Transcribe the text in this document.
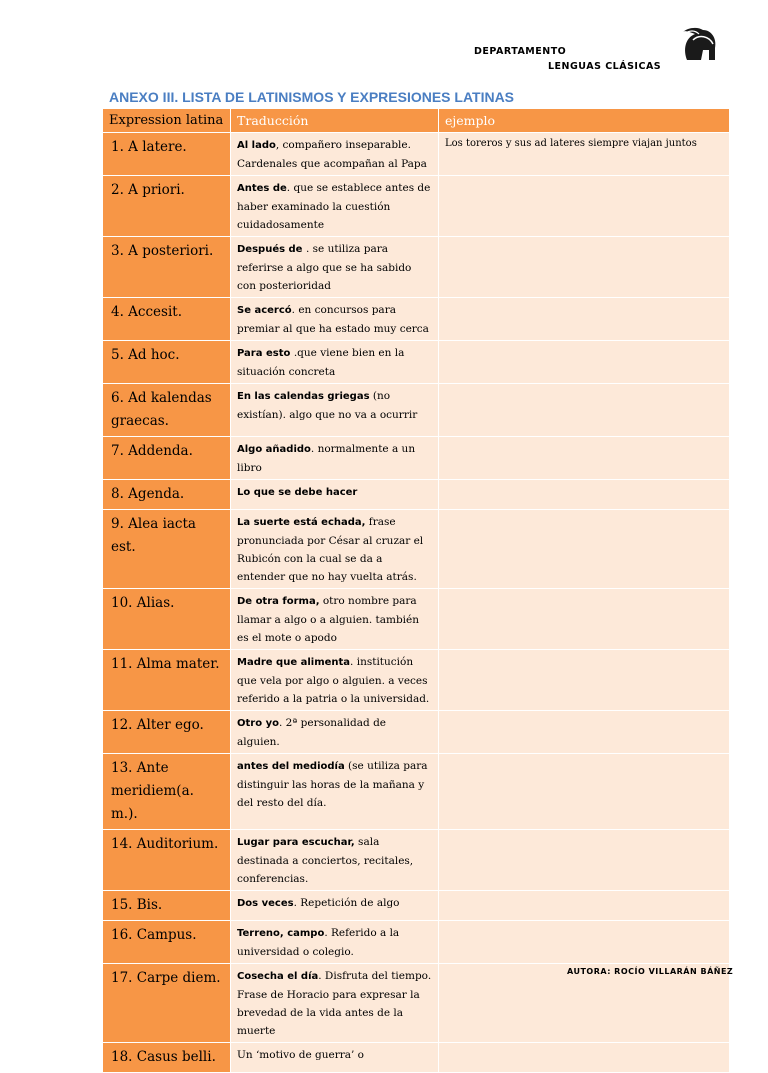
DEPARTAMENTO
LENGUAS CLÁSICAS
ANEXO III. LISTA DE LATINISMOS Y EXPRESIONES LATINAS
Expression latina	Traducción	ejemplo
1. A latere.	Al lado, compañero inseparable. Cardenales que acompañan al Papa	Los toreros y sus ad lateres siempre viajan juntos
2. A priori.	Antes de. que se establece antes de haber examinado la cuestión cuidadosamente	
3. A posteriori.	Después de . se utiliza para referirse a algo que se ha sabido con posterioridad	
4. Accesit.	Se acercó. en concursos para premiar al que ha estado muy cerca	
5. Ad hoc.	Para esto .que viene bien en la situación concreta	
6. Ad kalendas graecas.	En las calendas griegas (no existían). algo que no va a ocurrir	
7. Addenda.	Algo añadido. normalmente a un libro	
8. Agenda.	Lo que se debe hacer	
9. Alea iacta est.	La suerte está echada, frase pronunciada por César al cruzar el Rubicón con la cual se da a entender que no hay vuelta atrás.	
10. Alias.	De otra forma, otro nombre para llamar a algo o a alguien. también es el mote o apodo	
11. Alma mater.	Madre que alimenta. institución que vela por algo o alguien. a veces referido a la patria o la universidad.	
12. Alter ego.	Otro yo. 2ª personalidad de alguien.	
13. Ante meridiem(a. m.).	antes del mediodía (se utiliza para distinguir las horas de la mañana y del resto del día.	
14. Auditorium.	Lugar para escuchar, sala destinada a conciertos, recitales, conferencias.	
15. Bis.	Dos veces. Repetición de algo	
16. Campus.	Terreno, campo. Referido a la universidad o colegio.	
17. Carpe diem.	Cosecha el día. Disfruta del tiempo. Frase de Horacio para expresar la brevedad de la vida antes de la muerte	
18. Casus belli.	Un ‘motivo de guerra’ o	
AUTORA: ROCÍO VILLARÁN BÁÑEZ
